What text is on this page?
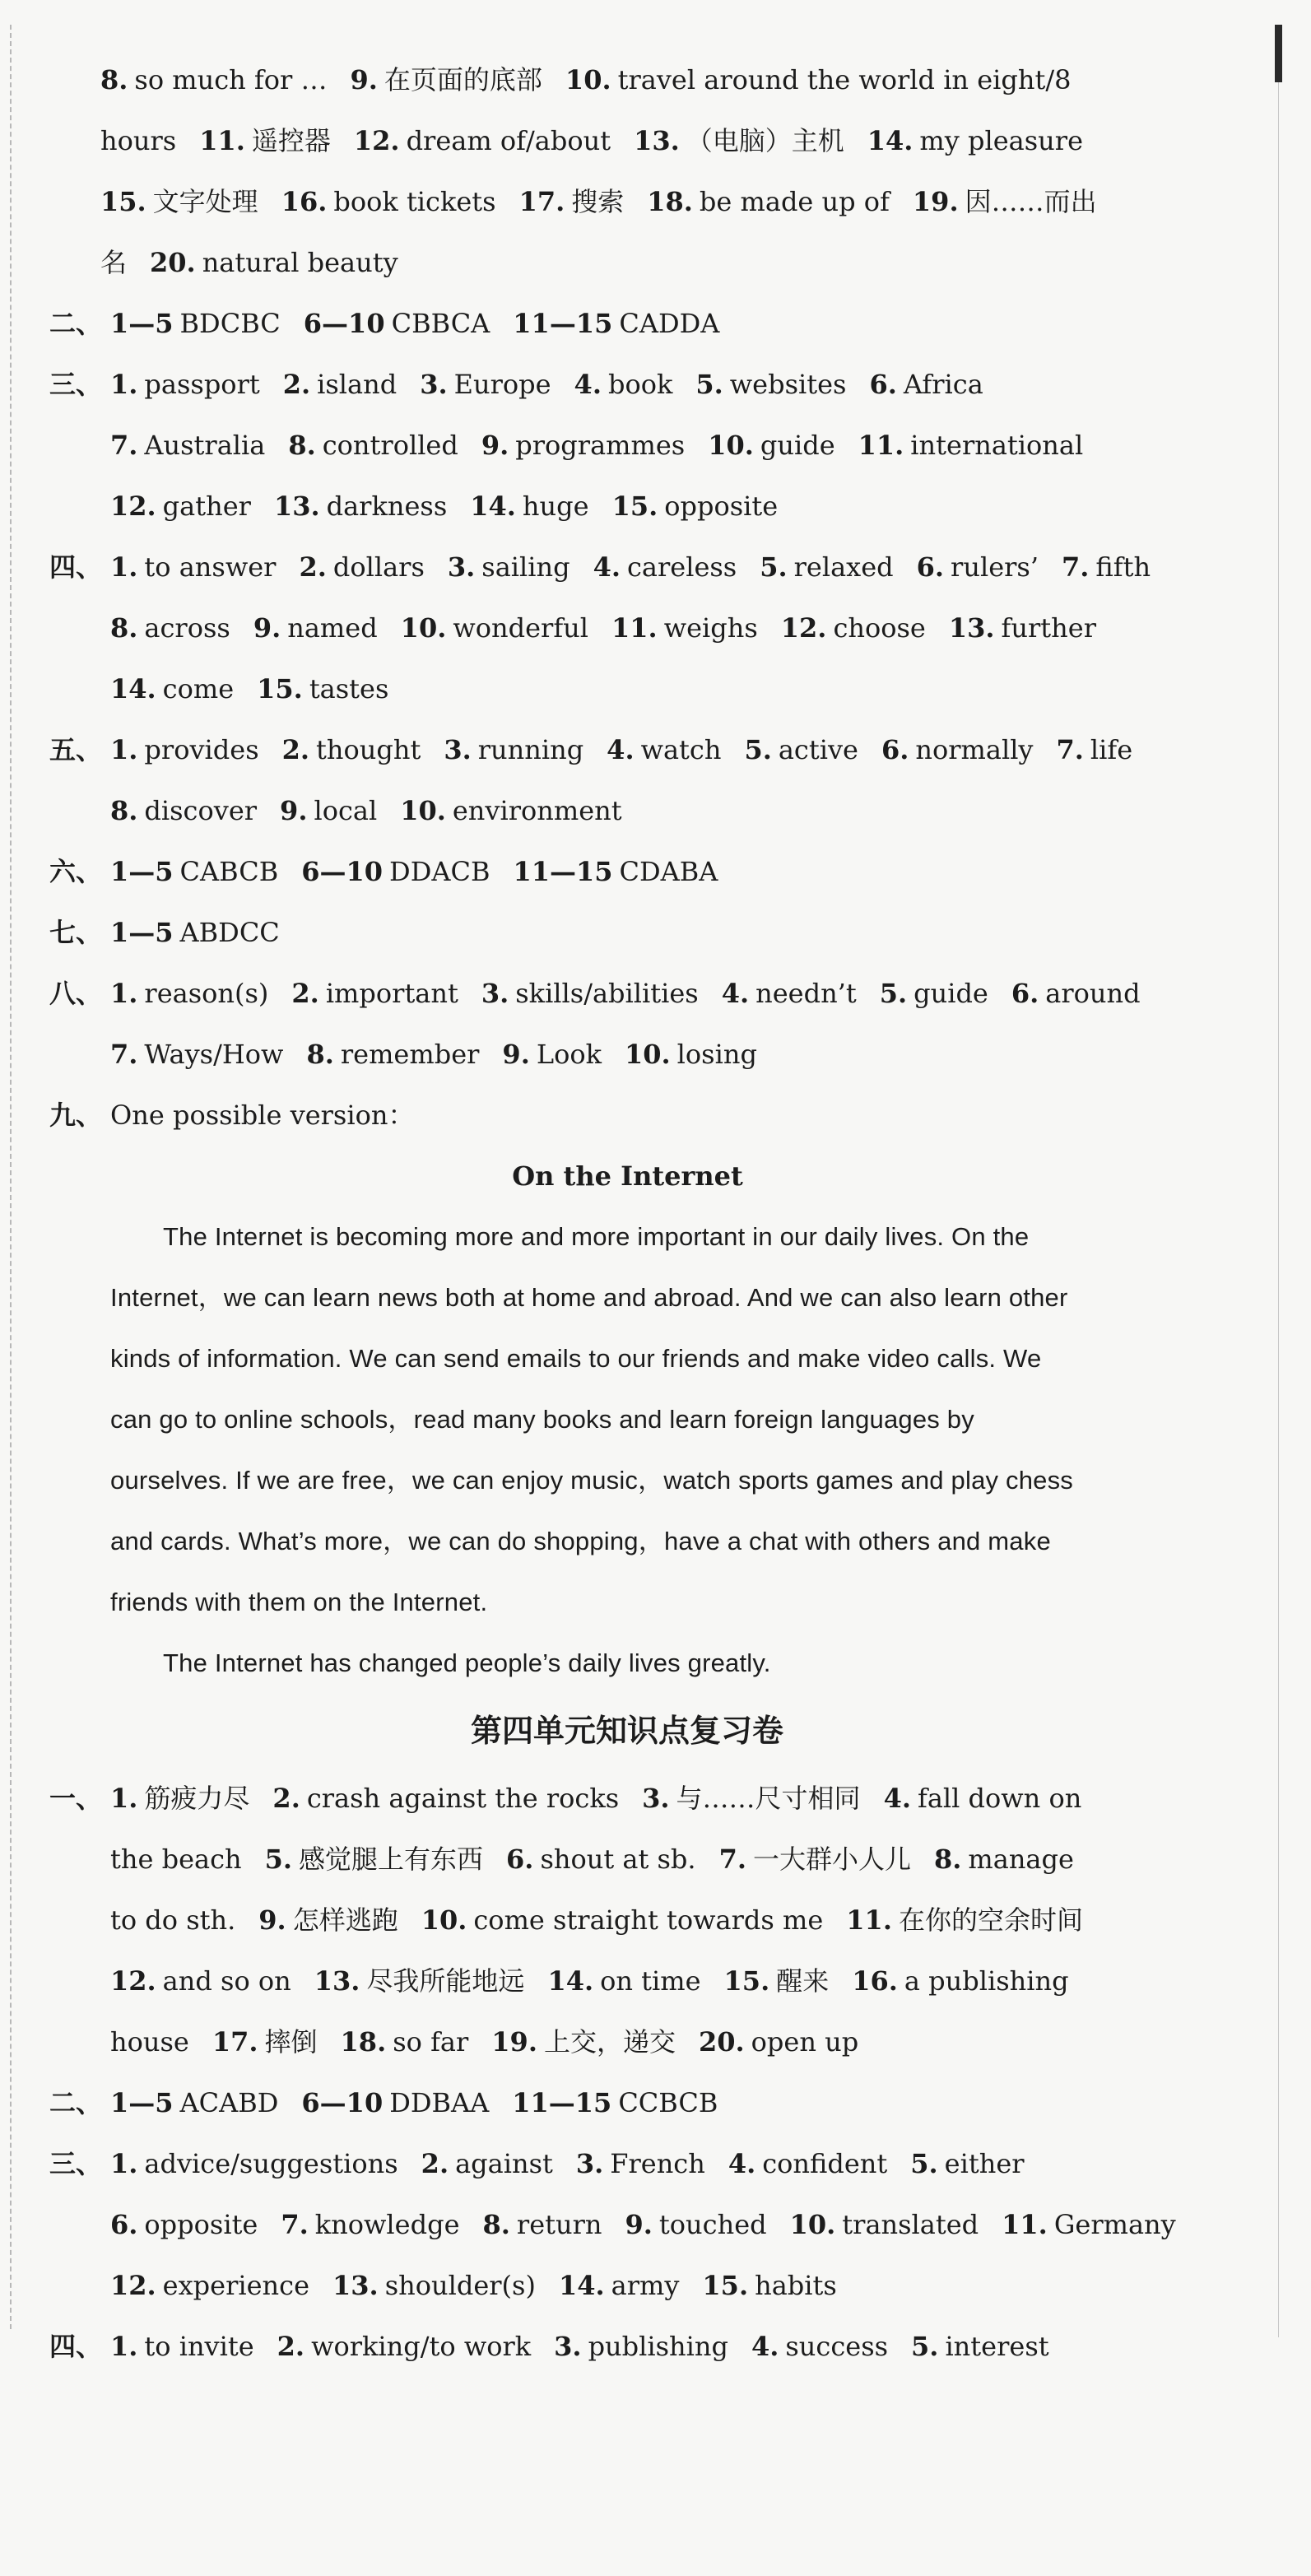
8. so much for … 9. 在页面的底部 10. travel around the world in eight/8
hours 11. 遥控器 12. dream of/about 13. （电脑）主机 14. my pleasure
15. 文字处理 16. book tickets 17. 搜索 18. be made up of 19. 因……而出
名 20. natural beauty
二、 1—5 BDCBC 6—10 CBBCA 11—15 CADDA
三、 1. passport 2. island 3. Europe 4. book 5. websites 6. Africa
7. Australia 8. controlled 9. programmes 10. guide 11. international
12. gather 13. darkness 14. huge 15. opposite
四、 1. to answer 2. dollars 3. sailing 4. careless 5. relaxed 6. rulers’ 7. fifth
8. across 9. named 10. wonderful 11. weighs 12. choose 13. further
14. come 15. tastes
五、 1. provides 2. thought 3. running 4. watch 5. active 6. normally 7. life
8. discover 9. local 10. environment
六、 1—5 CABCB 6—10 DDACB 11—15 CDABA
七、 1—5 ABDCC
八、 1. reason(s) 2. important 3. skills/abilities 4. needn’t 5. guide 6. around
7. Ways/How 8. remember 9. Look 10. losing
九、 One possible version：
On the Internet
The Internet is becoming more and more important in our daily lives. On the
Internet，we can learn news both at home and abroad. And we can also learn other
kinds of information. We can send emails to our friends and make video calls. We
can go to online schools，read many books and learn foreign languages by
ourselves. If we are free，we can enjoy music，watch sports games and play chess
and cards. What’s more，we can do shopping，have a chat with others and make
friends with them on the Internet.
The Internet has changed people’s daily lives greatly.
第四单元知识点复习卷
一、 1. 筋疲力尽 2. crash against the rocks 3. 与……尺寸相同 4. fall down on
the beach 5. 感觉腿上有东西 6. shout at sb. 7. 一大群小人儿 8. manage
to do sth. 9. 怎样逃跑 10. come straight towards me 11. 在你的空余时间
12. and so on 13. 尽我所能地远 14. on time 15. 醒来 16. a publishing
house 17. 摔倒 18. so far 19. 上交，递交 20. open up
二、 1—5 ACABD 6—10 DDBAA 11—15 CCBCB
三、 1. advice/suggestions 2. against 3. French 4. confident 5. either
6. opposite 7. knowledge 8. return 9. touched 10. translated 11. Germany
12. experience 13. shoulder(s) 14. army 15. habits
四、 1. to invite 2. working/to work 3. publishing 4. success 5. interest
